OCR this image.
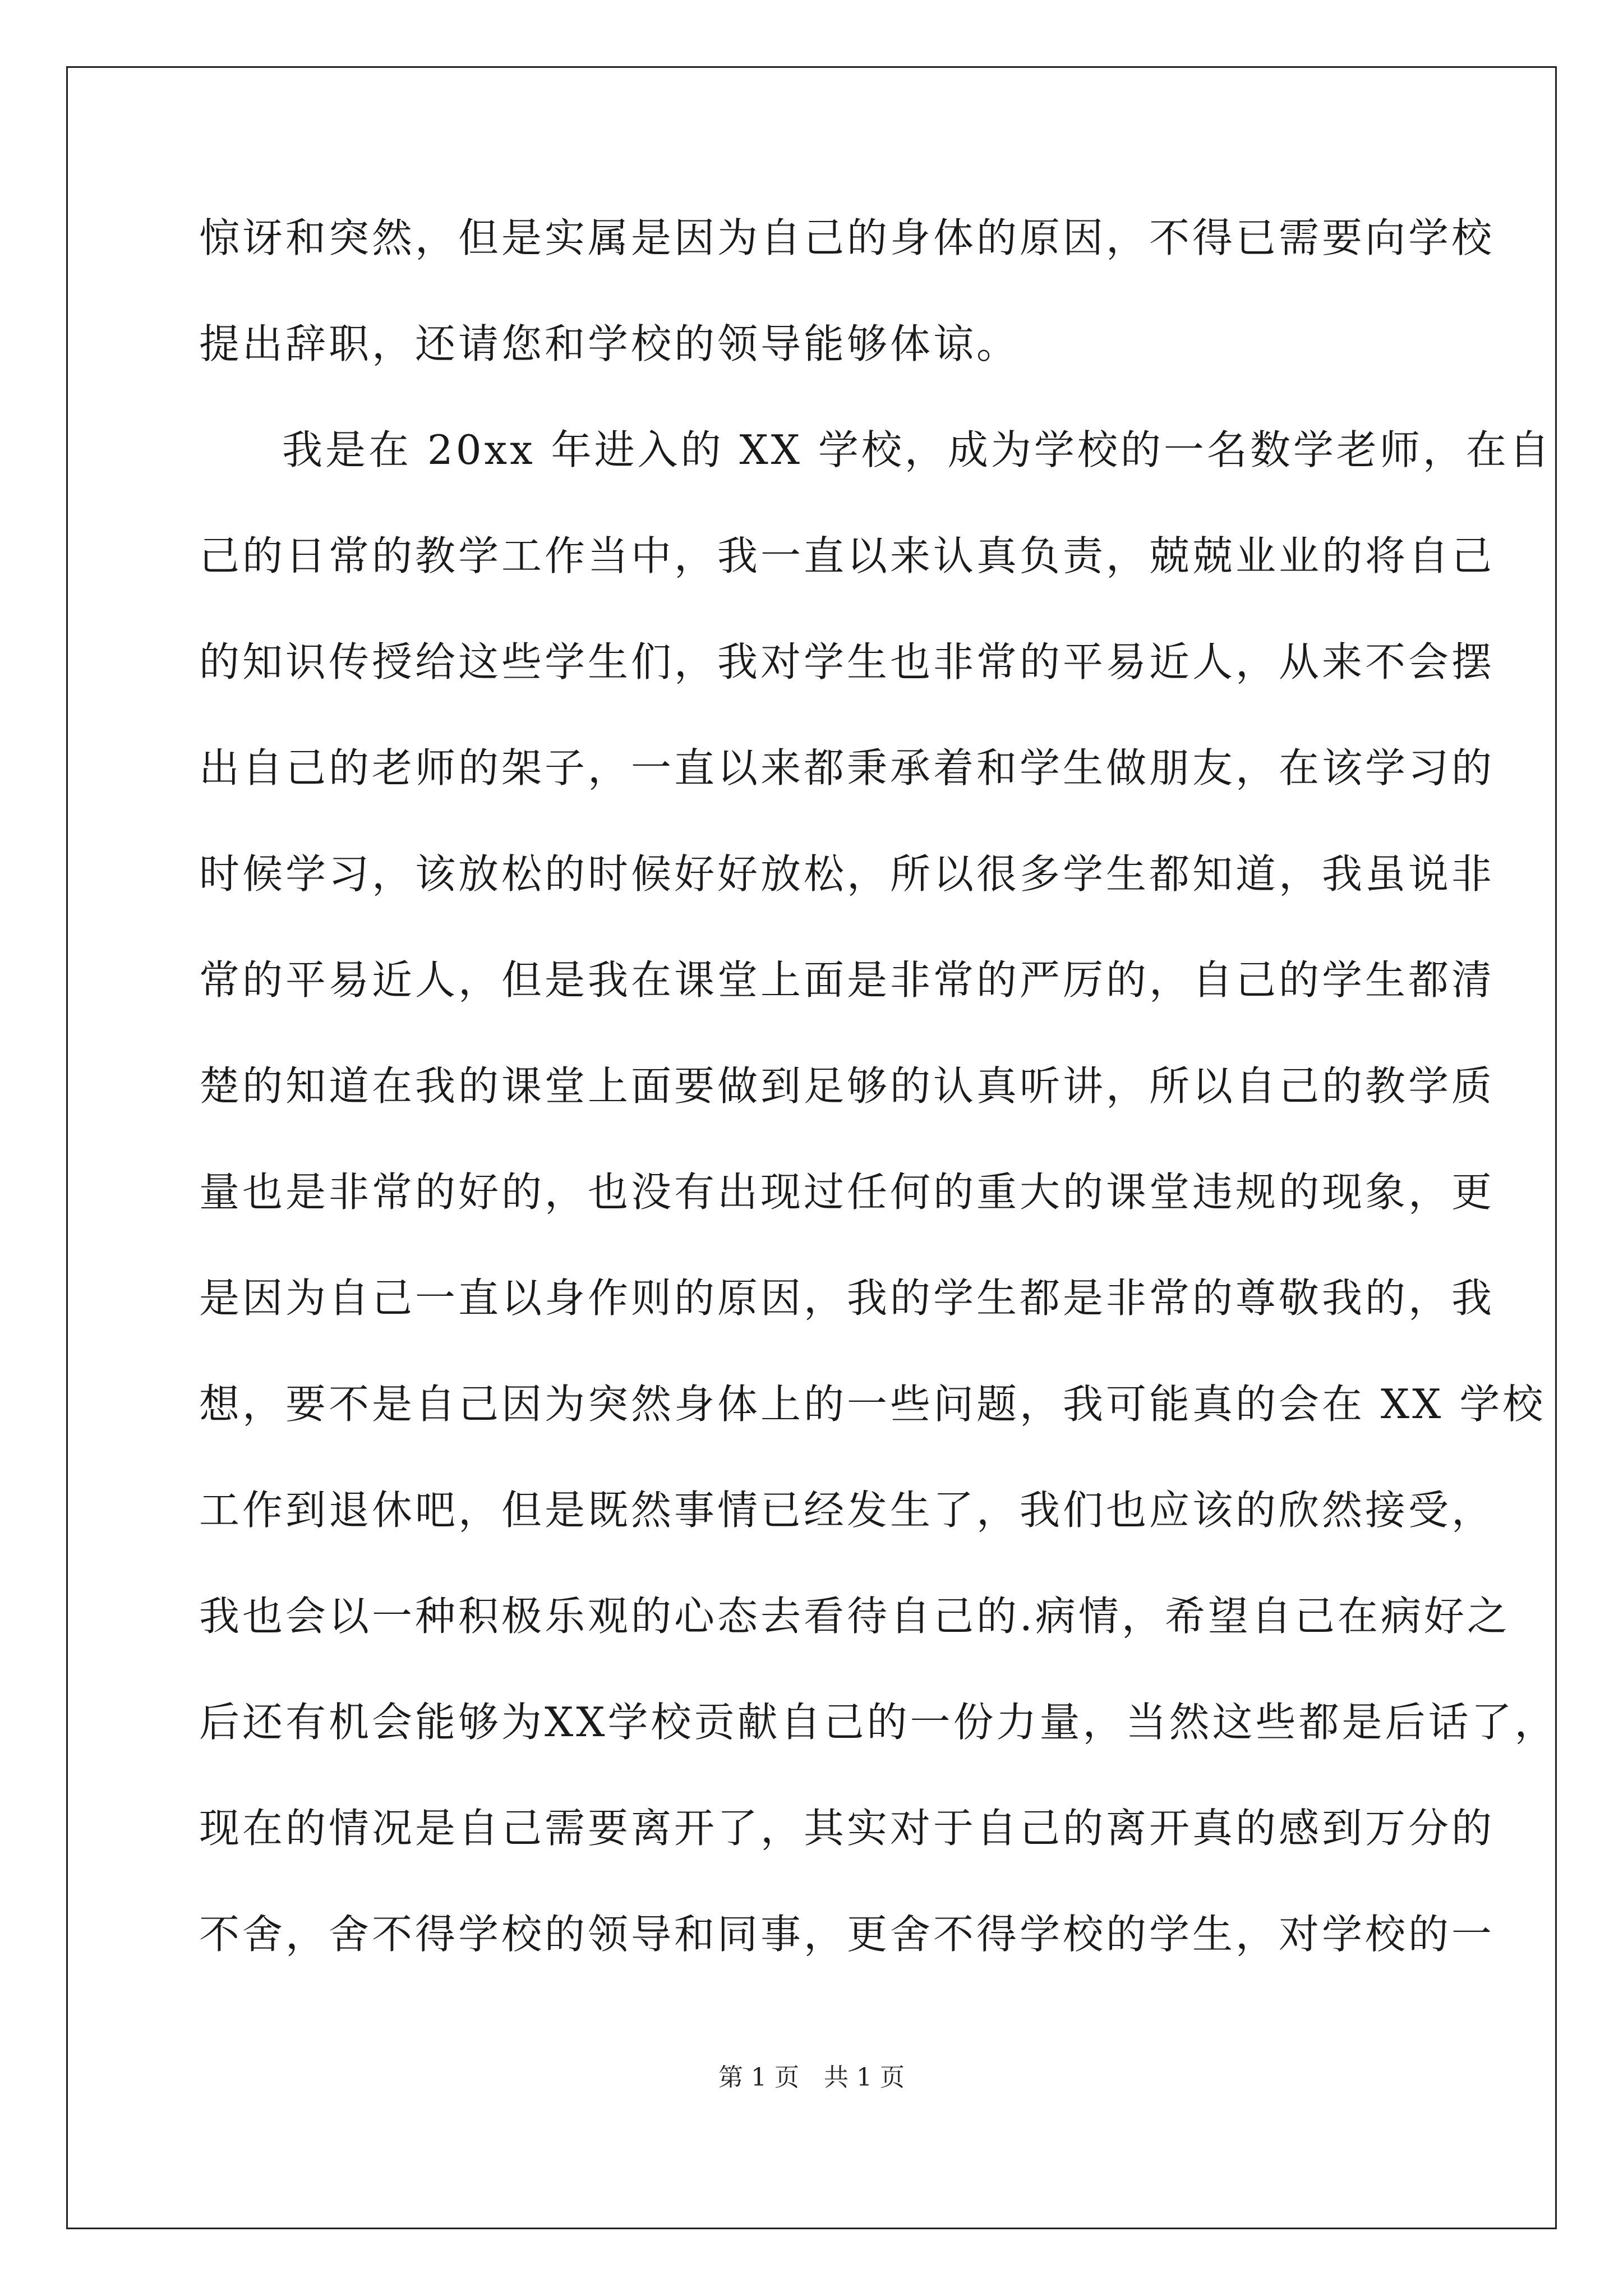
惊讶和突然，但是实属是因为自己的身体的原因，不得已需要向学校

提出辞职，还请您和学校的领导能够体谅。

我是在 20xx 年进入的 XX 学校，成为学校的一名数学老师，在自

己的日常的教学工作当中，我一直以来认真负责，兢兢业业的将自己

的知识传授给这些学生们，我对学生也非常的平易近人，从来不会摆

出自己的老师的架子，一直以来都秉承着和学生做朋友，在该学习的

时候学习，该放松的时候好好放松，所以很多学生都知道，我虽说非

常的平易近人，但是我在课堂上面是非常的严厉的，自己的学生都清

楚的知道在我的课堂上面要做到足够的认真听讲，所以自己的教学质

量也是非常的好的，也没有出现过任何的重大的课堂违规的现象，更

是因为自己一直以身作则的原因，我的学生都是非常的尊敬我的，我

想，要不是自己因为突然身体上的一些问题，我可能真的会在 XX 学校

工作到退休吧，但是既然事情已经发生了，我们也应该的欣然接受，

我也会以一种积极乐观的心态去看待自己的.病情，希望自己在病好之

后还有机会能够为XX学校贡献自己的一份力量，当然这些都是后话了，

现在的情况是自己需要离开了，其实对于自己的离开真的感到万分的

不舍，舍不得学校的领导和同事，更舍不得学校的学生，对学校的一

第 1 页　共 1 页
